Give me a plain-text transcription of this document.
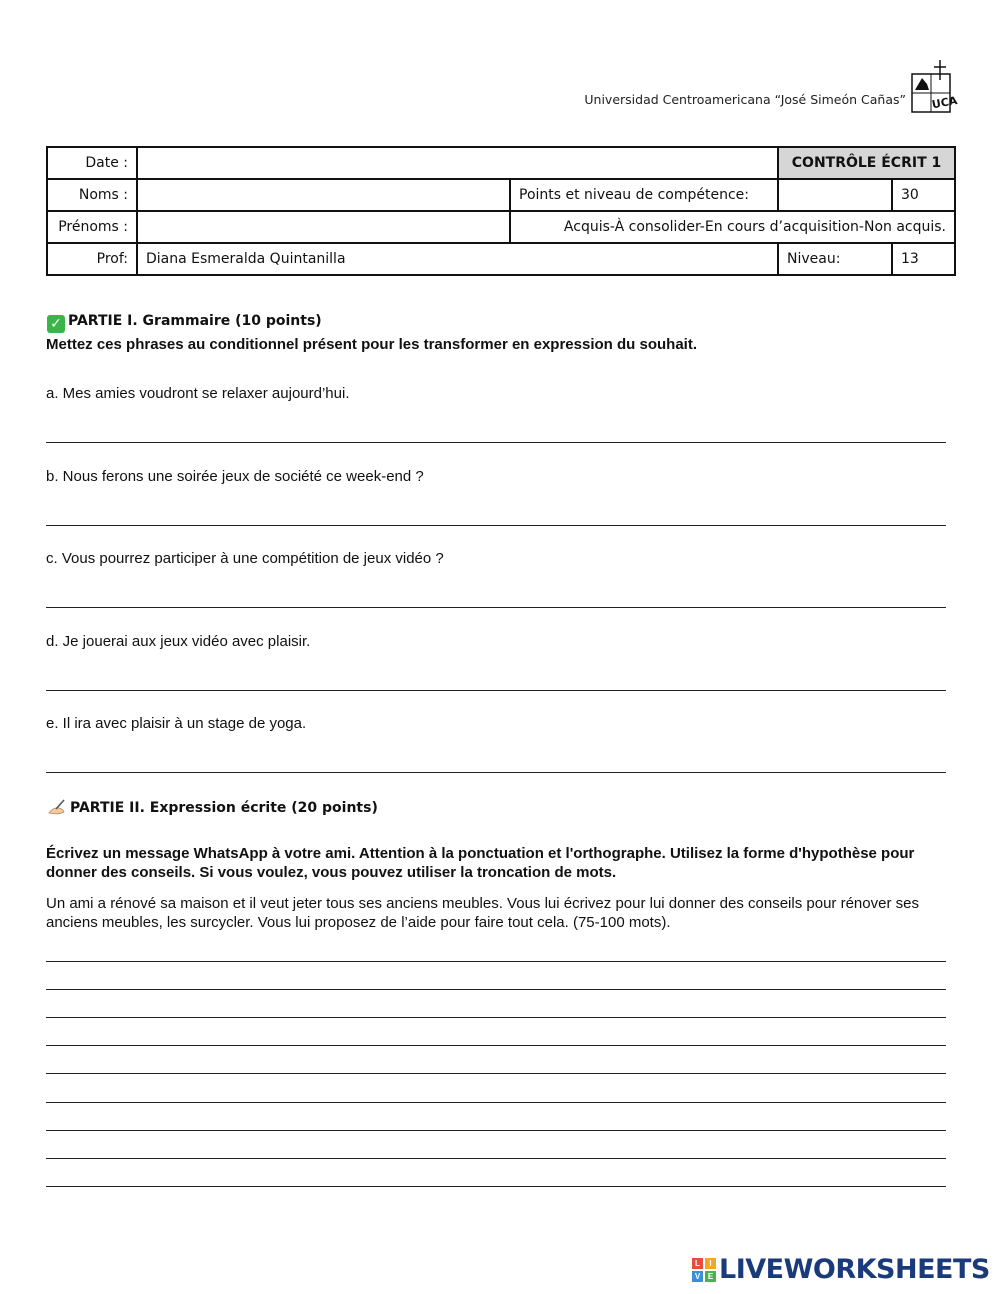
Universidad Centroamericana “José Simeón Cañas” UCA
Date :			CONTRÔLE ÉCRIT 1	
Noms :		Points et niveau de compétence:		30
Prénoms :		Acquis-À consolider-En cours d’acquisition-Non acquis.		
Prof:	Diana Esmeralda Quintanilla		Niveau:	13
✓ PARTIE I. Grammaire (10 points)
Mettez ces phrases au conditionnel présent pour les transformer en expression du souhait.
a. Mes amies voudront se relaxer aujourd’hui.
b. Nous ferons une soirée jeux de société ce week-end ?
c. Vous pourrez participer à une compétition de jeux vidéo ?
d. Je jouerai aux jeux vidéo avec plaisir.
e. Il ira avec plaisir à un stage de yoga.
PARTIE II. Expression écrite (20 points)
Écrivez un message WhatsApp à votre ami. Attention à la ponctuation et l'orthographe. Utilisez la forme d'hypothèse pour donner des conseils. Si vous voulez, vous pouvez utiliser la troncation de mots.
Un ami a rénové sa maison et il veut jeter tous ses anciens meubles. Vous lui écrivez pour lui donner des conseils pour rénover ses anciens meubles, les surcycler. Vous lui proposez de l’aide pour faire tout cela. (75-100 mots).
L	I
V E LIVEWORKSHEETS
